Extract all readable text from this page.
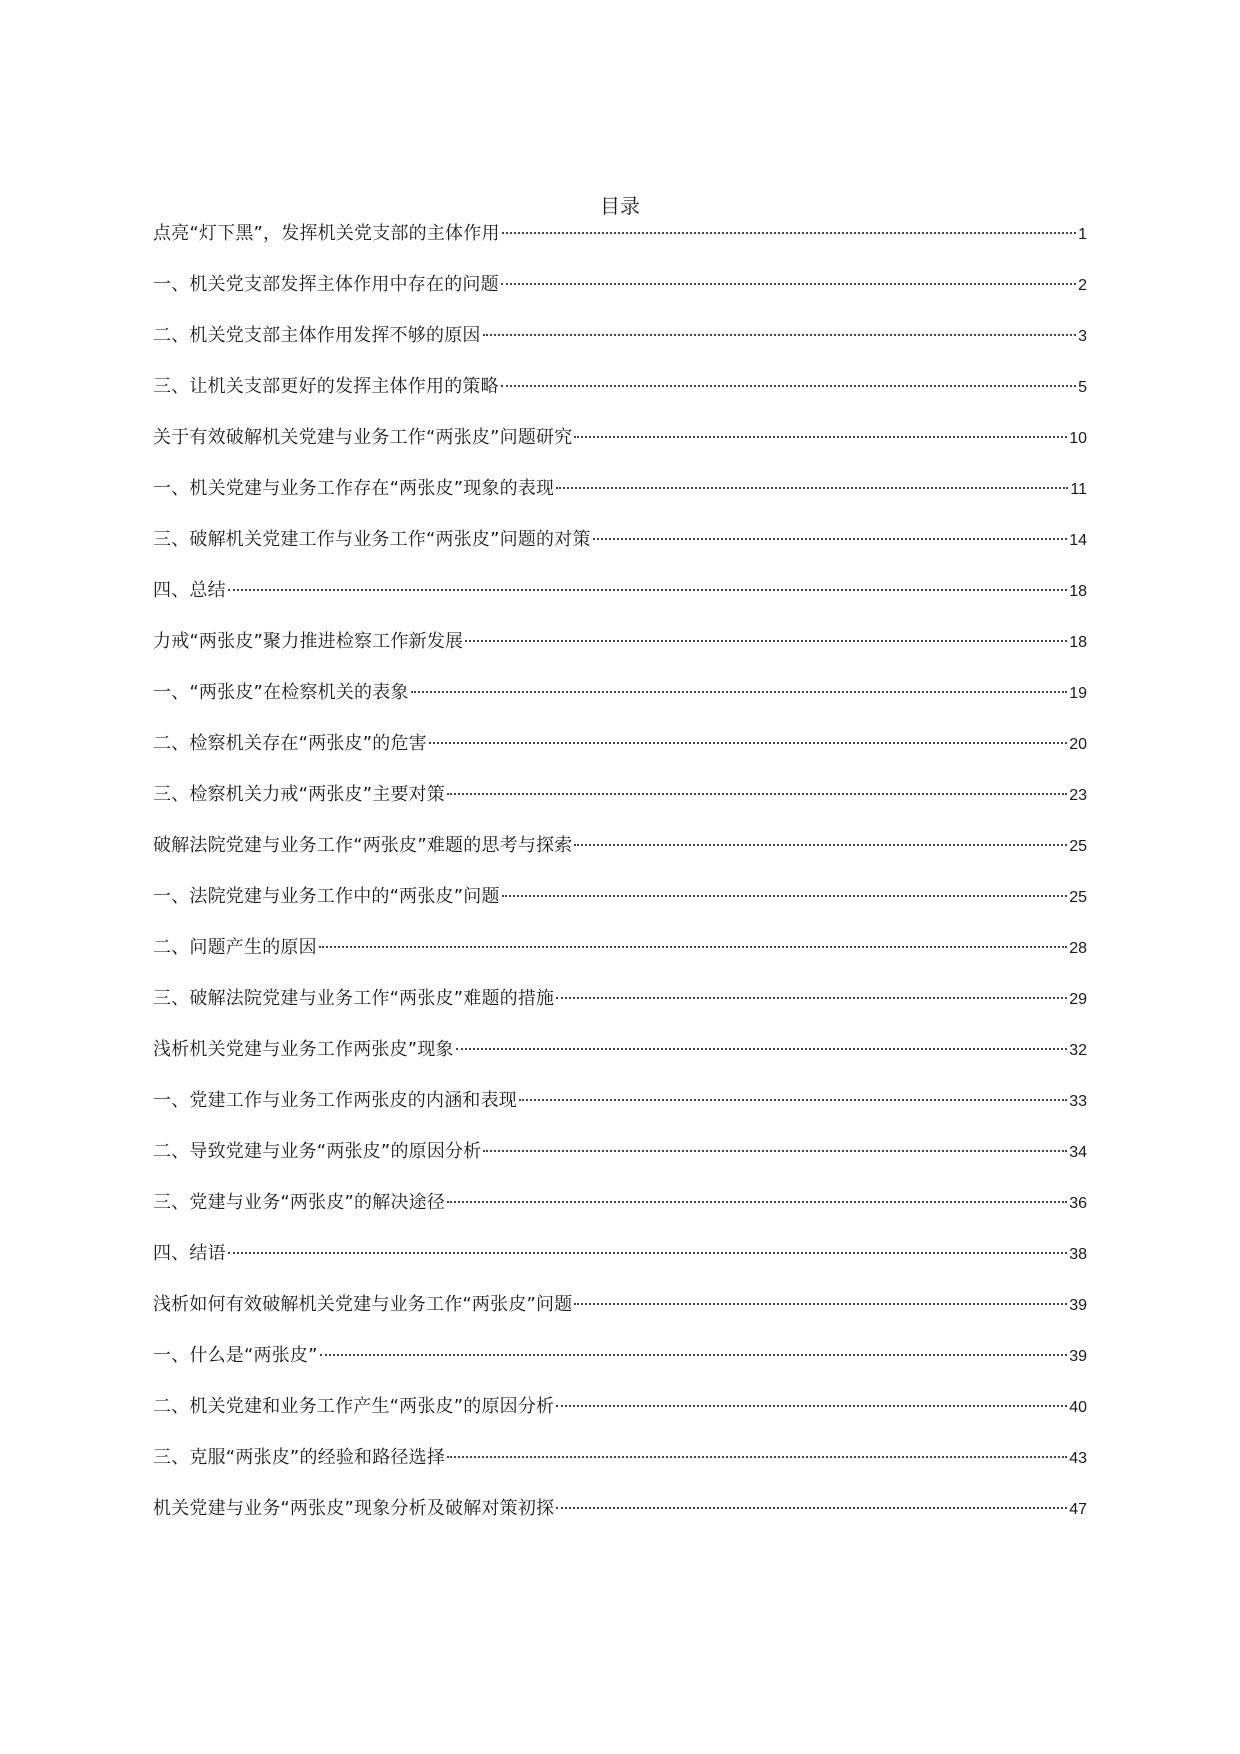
目录
点亮“灯下黑”，发挥机关党支部的主体作用	1
一、机关党支部发挥主体作用中存在的问题	2
二、机关党支部主体作用发挥不够的原因	3
三、让机关支部更好的发挥主体作用的策略	5
关于有效破解机关党建与业务工作“两张皮”问题研究	10
一、机关党建与业务工作存在“两张皮”现象的表现	11
三、破解机关党建工作与业务工作“两张皮”问题的对策	14
四、总结	18
力戒“两张皮”聚力推进检察工作新发展	18
一、“两张皮”在检察机关的表象	19
二、检察机关存在“两张皮”的危害	20
三、检察机关力戒“两张皮”主要对策	23
破解法院党建与业务工作“两张皮”难题的思考与探索	25
一、法院党建与业务工作中的“两张皮”问题	25
二、问题产生的原因	28
三、破解法院党建与业务工作“两张皮”难题的措施	29
浅析机关党建与业务工作两张皮”现象	32
一、党建工作与业务工作两张皮的内涵和表现	33
二、导致党建与业务“两张皮”的原因分析	34
三、党建与业务“两张皮”的解决途径	36
四、结语	38
浅析如何有效破解机关党建与业务工作“两张皮”问题	39
一、什么是“两张皮”	39
二、机关党建和业务工作产生“两张皮”的原因分析	40
三、克服“两张皮”的经验和路径选择	43
机关党建与业务“两张皮”现象分析及破解对策初探	47
